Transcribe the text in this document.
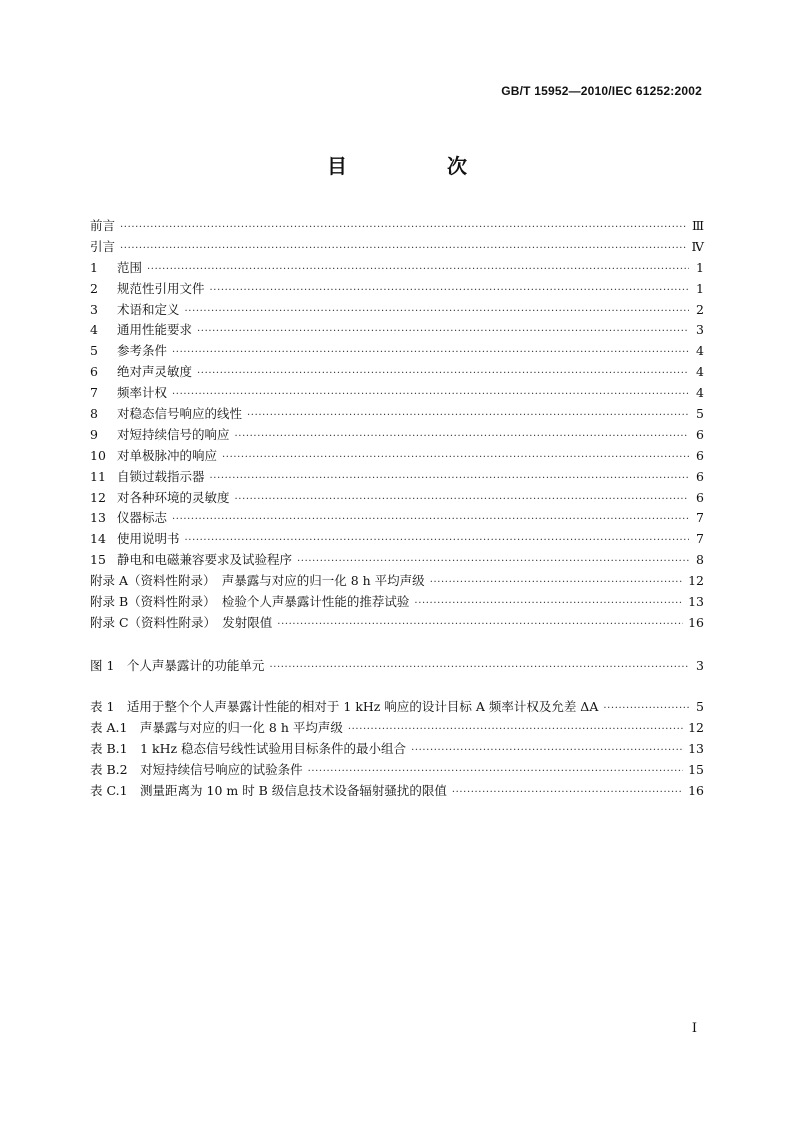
GB/T 15952—2010/IEC 61252:2002
目　次
前言 ·····	Ⅲ
引言 ·····	Ⅳ
1 范围 ·····	1
2 规范性引用文件 ·····	1
3 术语和定义 ·····	2
4 通用性能要求 ·····	3
5 参考条件 ·····	4
6 绝对声灵敏度 ·····	4
7 频率计权 ·····	4
8 对稳态信号响应的线性 ·····	5
9 对短持续信号的响应 ·····	6
10 对单极脉冲的响应 ·····	6
11 自锁过载指示器 ·····	6
12 对各种环境的灵敏度 ·····	6
13 仪器标志 ·····	7
14 使用说明书 ·····	7
15 静电和电磁兼容要求及试验程序 ·····	8
附录 A（资料性附录）　声暴露与对应的归一化 8 h 平均声级 ·····	12
附录 B（资料性附录）　检验个人声暴露计性能的推荐试验 ·····	13
附录 C（资料性附录）　发射限值 ·····	16
图 1　个人声暴露计的功能单元 ·····	3
表 1　适用于整个个人声暴露计性能的相对于 1 kHz 响应的设计目标 A 频率计权及允差 ΔA ·····	5
表 A.1　声暴露与对应的归一化 8 h 平均声级 ·····	12
表 B.1　1 kHz 稳态信号线性试验用目标条件的最小组合 ·····	13
表 B.2　对短持续信号响应的试验条件 ·····	15
表 C.1　测量距离为 10 m 时 B 级信息技术设备辐射骚扰的限值 ·····	16
I
